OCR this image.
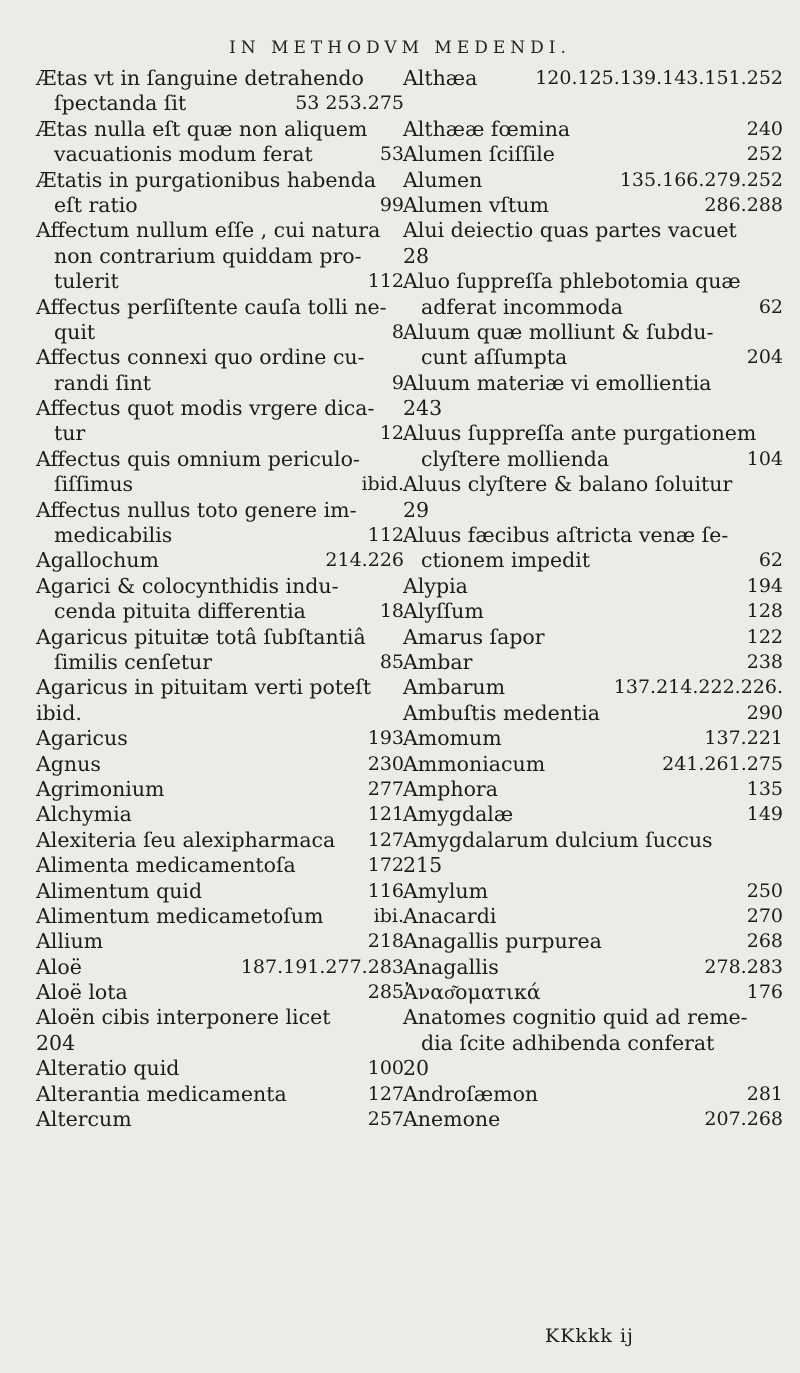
IN METHODVM MEDENDI.
Ætas vt in ſanguine detrahendo
ſpectanda ſit	53 253.275
Ætas nulla eſt quæ non aliquem
vacuationis modum ferat	53
Ætatis in purgationibus habenda
eſt ratio	99
Affectum nullum eſſe , cui natura
non contrarium quiddam pro-
tulerit	112
Affectus perſiſtente cauſa tolli ne-
quit	8
Affectus connexi quo ordine cu-
randi ſint	9
Affectus quot modis vrgere dica-
tur	12
Affectus quis omnium periculo-
ſiſſimus	ibid.
Affectus nullus toto genere im-
medicabilis	112
Agallochum	214.226
Agarici & colocynthidis indu-
cenda pituita differentia	18
Agaricus pituitæ totâ ſubſtantiâ
ſimilis cenſetur	85
Agaricus in pituitam verti poteſt
ibid.
Agaricus	193
Agnus	230
Agrimonium	277
Alchymia	121
Alexiteria ſeu alexipharmaca 127
Alimenta medicamentoſa	172
Alimentum quid	116
Alimentum medicametoſum	ibi.
Allium	218
Aloë	187.191.277.283
Aloë lota	285
Aloën cibis interponere licet
204
Alteratio quid	100
Alterantia medicamenta	127
Altercum	257
Althæa	120.125.139.143.151.252
Althææ fœmina	240
Alumen ſciſſile	252
Alumen	135.166.279.252
Alumen vſtum	286.288
Alui deiectio quas partes vacuet
28
Aluo ſuppreſſa phlebotomia quæ
adferat incommoda	62
Aluum quæ molliunt & ſubdu-
cunt aſſumpta	204
Aluum materiæ vi emollientia
243
Aluus ſuppreſſa ante purgationem
clyſtere mollienda	104
Aluus clyſtere & balano ſoluitur
29
Aluus fæcibus aſtricta venæ ſe-
ctionem impedit	62
Alypia	194
Alyſſum	128
Amarus ſapor	122
Ambar	238
Ambarum	137.214.222.226.
Ambuſtis medentia	290
Amomum	137.221
Ammoniacum	241.261.275
Amphora	135
Amygdalæ	149
Amygdalarum dulcium ſuccus
215
Amylum	250
Anacardi	270
Anagallis purpurea	268
Anagallis	278.283
Ἀνασ͂ομαтικά	176
Anatomes cognitio quid ad reme-
dia ſcite adhibenda conferat
20
Androſæmon	281
Anemone	207.268
KKkkk ij
